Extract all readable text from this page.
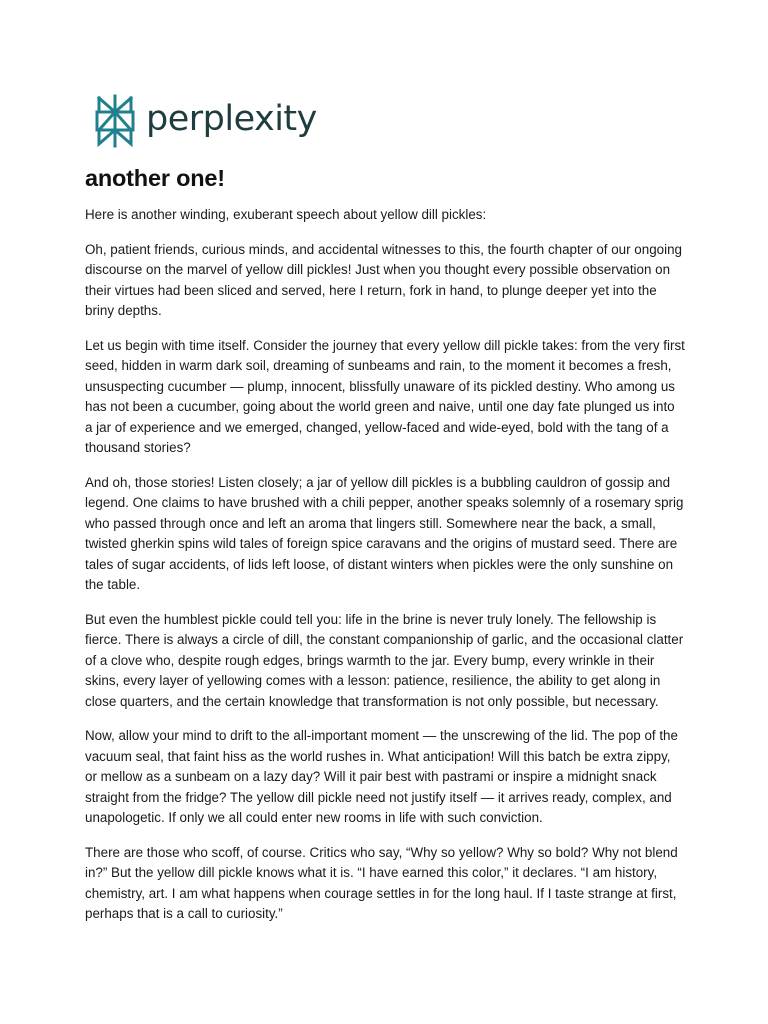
perplexity
another one!

Here is another winding, exuberant speech about yellow dill pickles:

Oh, patient friends, curious minds, and accidental witnesses to this, the fourth chapter of our ongoing discourse on the marvel of yellow dill pickles! Just when you thought every possible observation on their virtues had been sliced and served, here I return, fork in hand, to plunge deeper yet into the briny depths.

Let us begin with time itself. Consider the journey that every yellow dill pickle takes: from the very first seed, hidden in warm dark soil, dreaming of sunbeams and rain, to the moment it becomes a fresh, unsuspecting cucumber — plump, innocent, blissfully unaware of its pickled destiny. Who among us has not been a cucumber, going about the world green and naive, until one day fate plunged us into a jar of experience and we emerged, changed, yellow-faced and wide-eyed, bold with the tang of a thousand stories?

And oh, those stories! Listen closely; a jar of yellow dill pickles is a bubbling cauldron of gossip and legend. One claims to have brushed with a chili pepper, another speaks solemnly of a rosemary sprig who passed through once and left an aroma that lingers still. Somewhere near the back, a small, twisted gherkin spins wild tales of foreign spice caravans and the origins of mustard seed. There are tales of sugar accidents, of lids left loose, of distant winters when pickles were the only sunshine on the table.

But even the humblest pickle could tell you: life in the brine is never truly lonely. The fellowship is fierce. There is always a circle of dill, the constant companionship of garlic, and the occasional clatter of a clove who, despite rough edges, brings warmth to the jar. Every bump, every wrinkle in their skins, every layer of yellowing comes with a lesson: patience, resilience, the ability to get along in close quarters, and the certain knowledge that transformation is not only possible, but necessary.

Now, allow your mind to drift to the all-important moment — the unscrewing of the lid. The pop of the vacuum seal, that faint hiss as the world rushes in. What anticipation! Will this batch be extra zippy, or mellow as a sunbeam on a lazy day? Will it pair best with pastrami or inspire a midnight snack straight from the fridge? The yellow dill pickle need not justify itself — it arrives ready, complex, and unapologetic. If only we all could enter new rooms in life with such conviction.

There are those who scoff, of course. Critics who say, “Why so yellow? Why so bold? Why not blend in?” But the yellow dill pickle knows what it is. “I have earned this color,” it declares. “I am history, chemistry, art. I am what happens when courage settles in for the long haul. If I taste strange at first, perhaps that is a call to curiosity.”
